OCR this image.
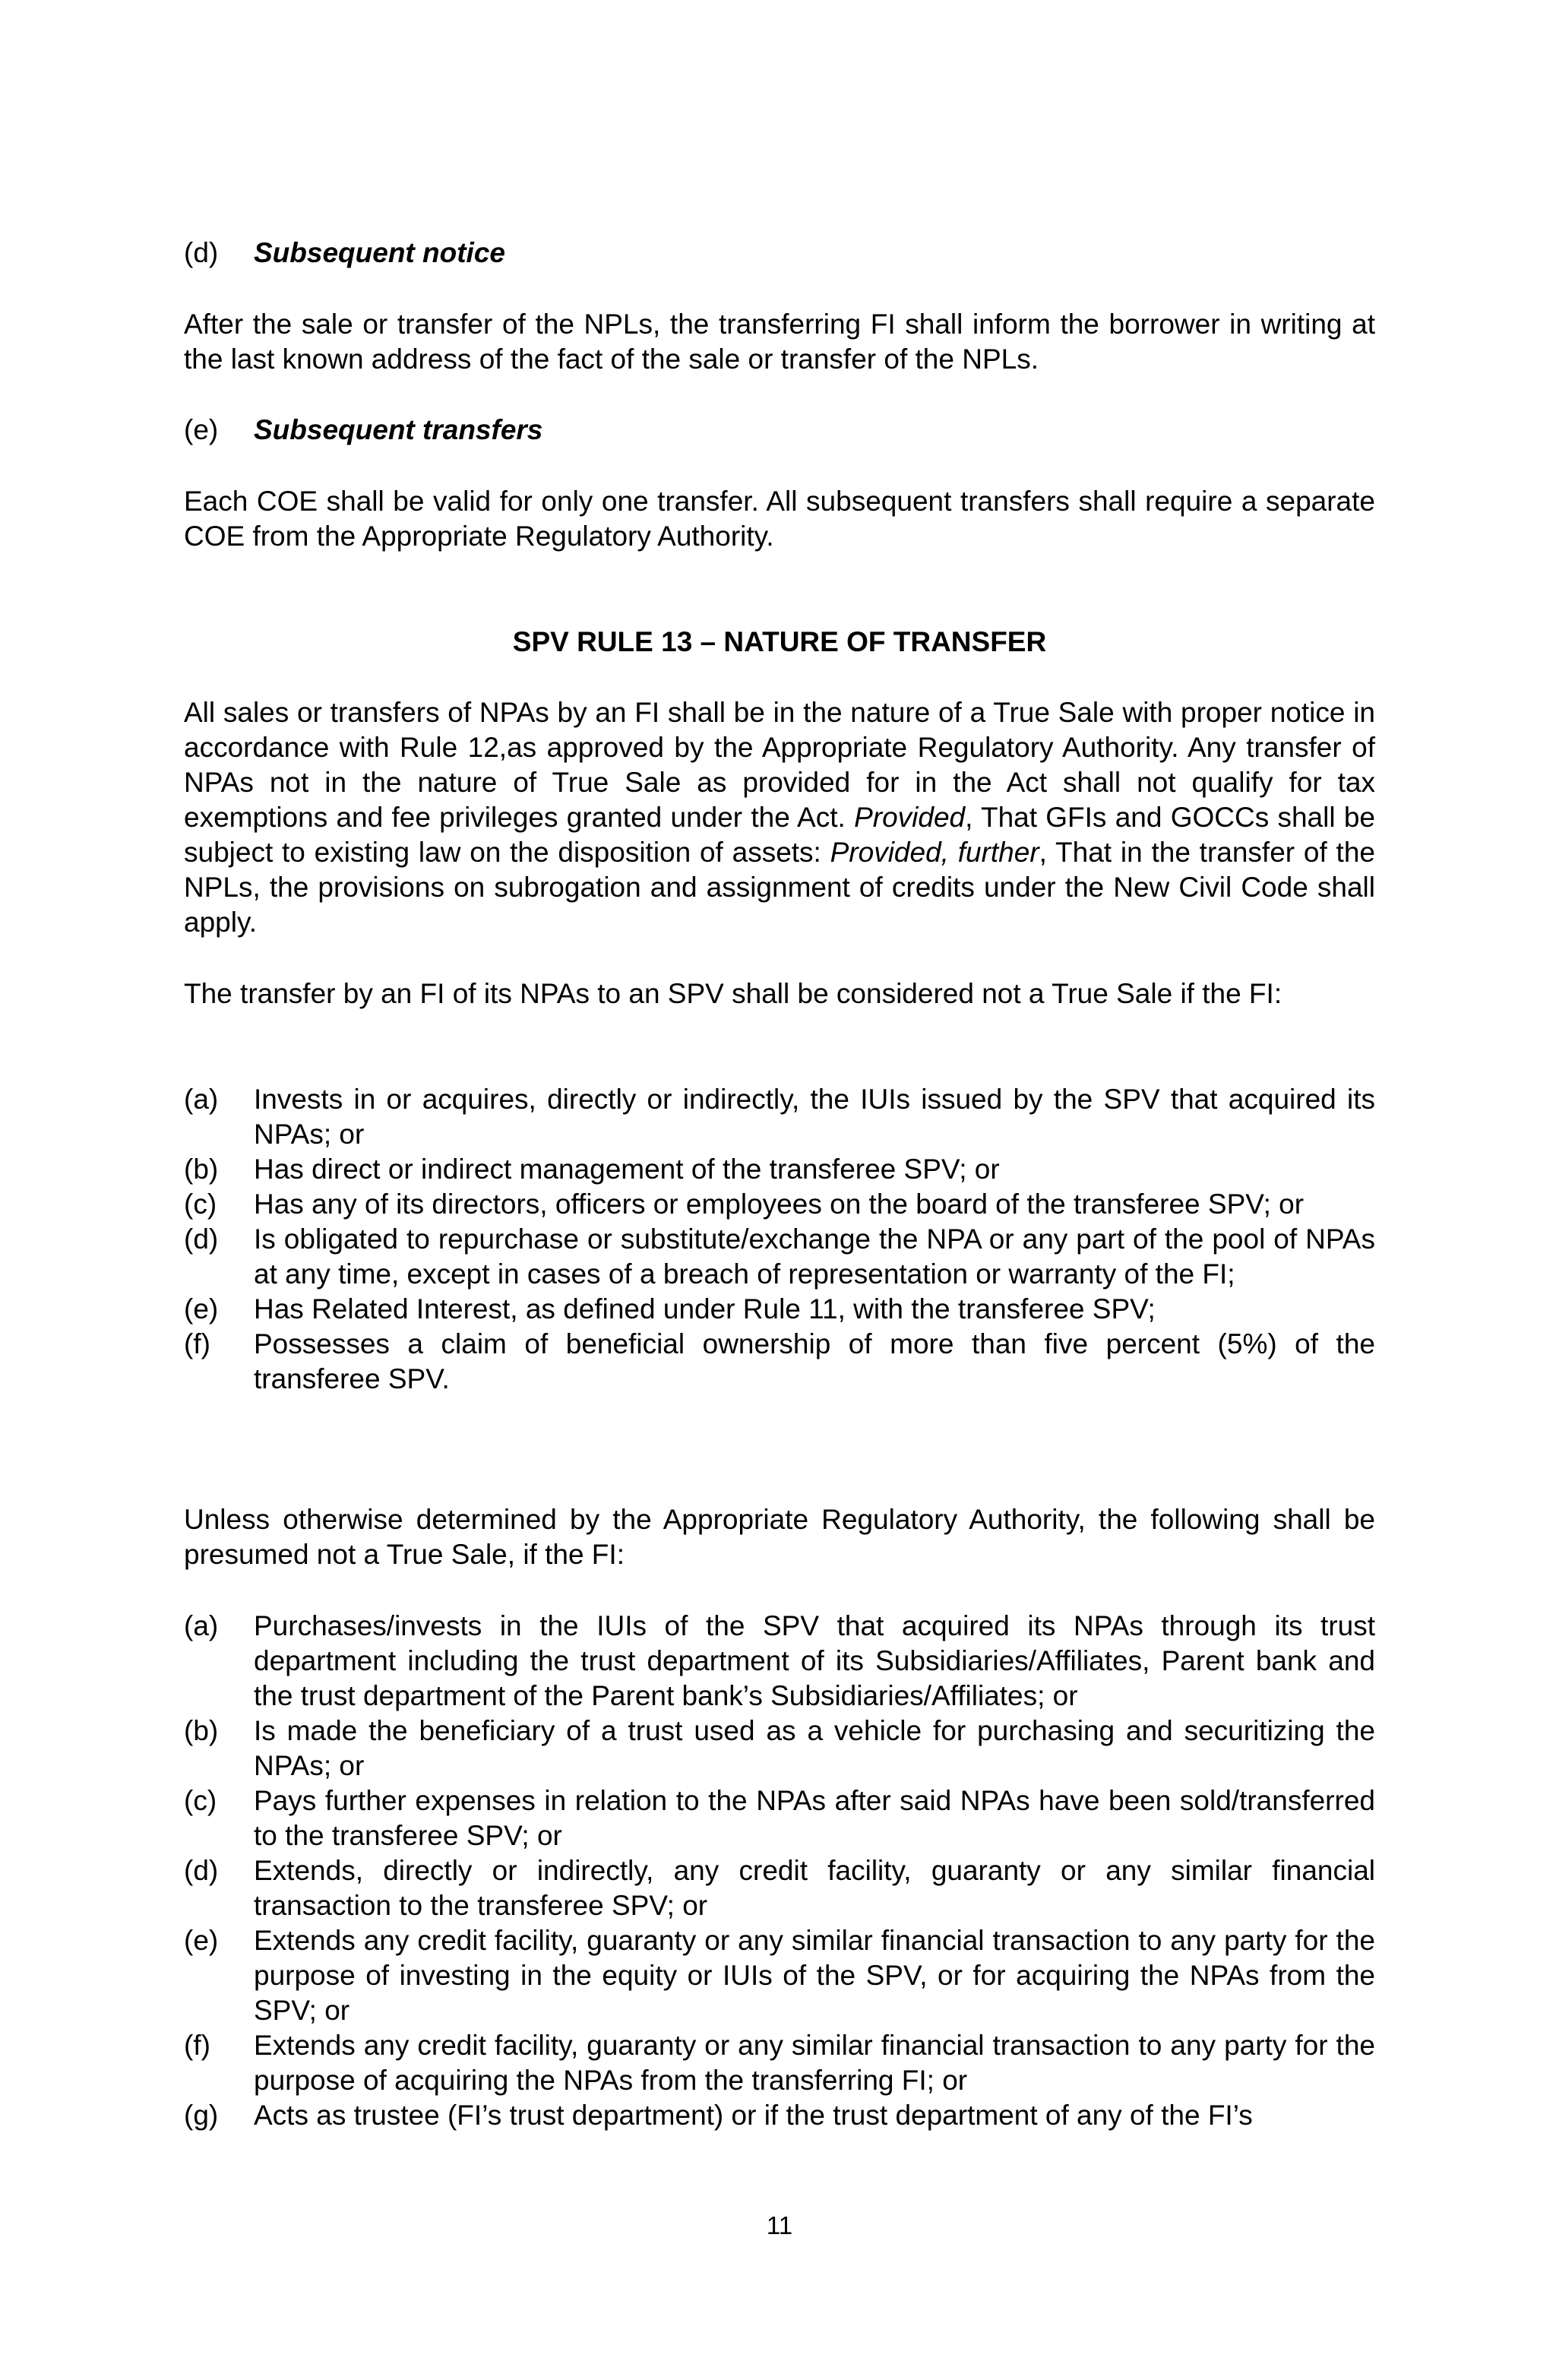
(d)	Subsequent notice

After the sale or transfer of the NPLs, the transferring FI shall inform the borrower in writing at the last known address of the fact of the sale or transfer of the NPLs.

(e)	Subsequent transfers

Each COE shall be valid for only one transfer. All subsequent transfers shall require a separate COE from the Appropriate Regulatory Authority.

SPV RULE 13 – NATURE OF TRANSFER

All sales or transfers of NPAs by an FI shall be in the nature of a True Sale with proper notice in accordance with Rule 12,as approved by the Appropriate Regulatory Authority. Any transfer of NPAs not in the nature of True Sale as provided for in the Act shall not qualify for tax exemptions and fee privileges granted under the Act. Provided, That GFIs and GOCCs shall be subject to existing law on the disposition of assets: Provided, further, That in the transfer of the NPLs, the provisions on subrogation and assignment of credits under the New Civil Code shall apply.

The transfer by an FI of its NPAs to an SPV shall be considered not a True Sale if the FI:

(a)	Invests in or acquires, directly or indirectly, the IUIs issued by the SPV that acquired its NPAs; or
(b)	Has direct or indirect management of the transferee SPV; or
(c)	Has any of its directors, officers or employees on the board of the transferee SPV; or
(d)	Is obligated to repurchase or substitute/exchange the NPA or any part of the pool of NPAs at any time, except in cases of a breach of representation or warranty of the FI;
(e)	Has Related Interest, as defined under Rule 11, with the transferee SPV;
(f)	Possesses a claim of beneficial ownership of more than five percent (5%) of the transferee SPV.

Unless otherwise determined by the Appropriate Regulatory Authority, the following shall be presumed not a True Sale, if the FI:

(a)	Purchases/invests in the IUIs of the SPV that acquired its NPAs through its trust department including the trust department of its Subsidiaries/Affiliates, Parent bank and the trust department of the Parent bank’s Subsidiaries/Affiliates; or
(b)	Is made the beneficiary of a trust used as a vehicle for purchasing and securitizing the NPAs; or
(c)	Pays further expenses in relation to the NPAs after said NPAs have been sold/transferred to the transferee SPV; or
(d)	Extends, directly or indirectly, any credit facility, guaranty or any similar financial transaction to the transferee SPV; or
(e)	Extends any credit facility, guaranty or any similar financial transaction to any party for the purpose of investing in the equity or IUIs of the SPV, or for acquiring the NPAs from the SPV; or
(f)	Extends any credit facility, guaranty or any similar financial transaction to any party for the purpose of acquiring the NPAs from the transferring FI; or
(g)	Acts as trustee (FI’s trust department) or if the trust department of any of the FI’s
11
